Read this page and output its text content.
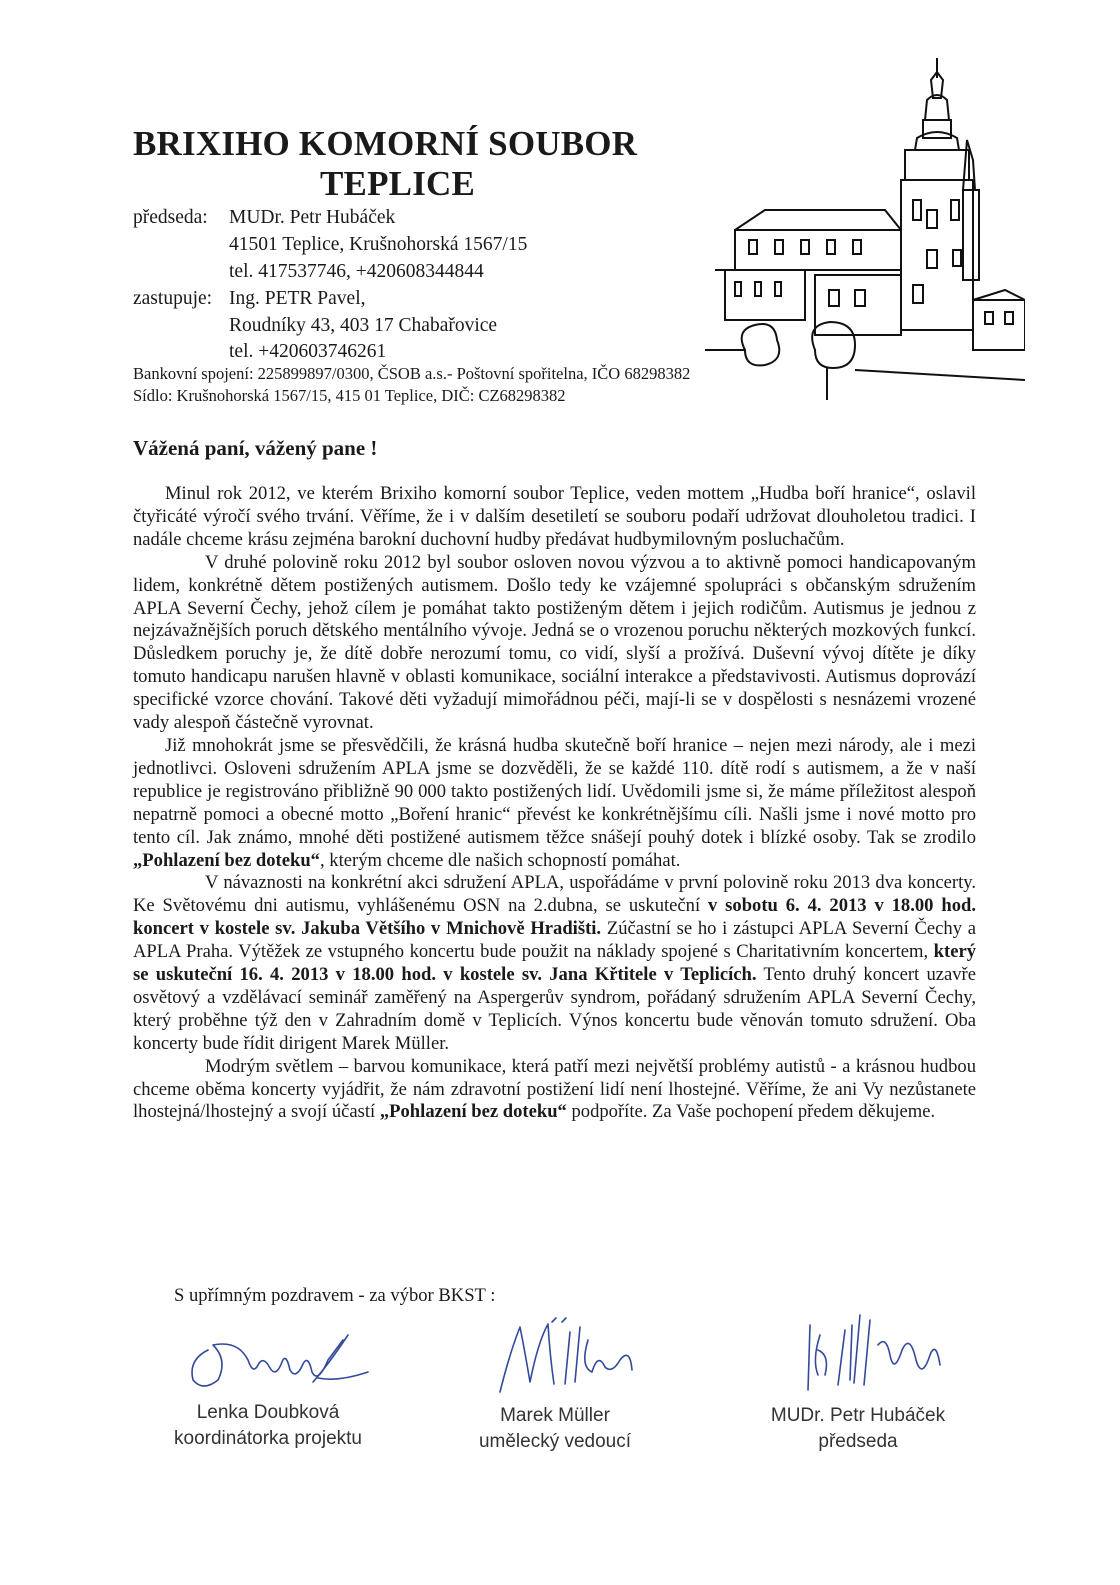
BRIXIHO KOMORNÍ SOUBOR
TEPLICE
předseda: MUDr. Petr Hubáček
41501 Teplice, Krušnohorská 1567/15
tel. 417537746, +420608344844
zastupuje: Ing. PETR Pavel,
Roudníky 43, 403 17 Chabařovice
tel. +420603746261
Bankovní spojení: 225899897/0300, ČSOB a.s.- Poštovní spořitelna, IČO 68298382
Sídlo: Krušnohorská 1567/15, 415 01 Teplice, DIČ: CZ68298382
Vážená paní, vážený pane !

Minul rok 2012, ve kterém Brixiho komorní soubor Teplice, veden mottem „Hudba boří hranice“, oslavil čtyřicáté výročí svého trvání. Věříme, že i v dalším desetiletí se souboru podaří udržovat dlouholetou tradici. I nadále chceme krásu zejména barokní duchovní hudby předávat hudbymilovným posluchačům.

V druhé polovině roku 2012 byl soubor osloven novou výzvou a to aktivně pomoci handicapovaným lidem, konkrétně dětem postižených autismem. Došlo tedy ke vzájemné spolupráci s občanským sdružením APLA Severní Čechy, jehož cílem je pomáhat takto postiženým dětem i jejich rodičům. Autismus je jednou z nejzávažnějších poruch dětského mentálního vývoje. Jedná se o vrozenou poruchu některých mozkových funkcí. Důsledkem poruchy je, že dítě dobře nerozumí tomu, co vidí, slyší a prožívá. Duševní vývoj dítěte je díky tomuto handicapu narušen hlavně v oblasti komunikace, sociální interakce a představivosti. Autismus doprovází specifické vzorce chování. Takové děti vyžadují mimořádnou péči, mají-li se v dospělosti s nesnázemi vrozené vady alespoň částečně vyrovnat.

Již mnohokrát jsme se přesvědčili, že krásná hudba skutečně boří hranice – nejen mezi národy, ale i mezi jednotlivci. Osloveni sdružením APLA jsme se dozvěděli, že se každé 110. dítě rodí s autismem, a že v naší republice je registrováno přibližně 90 000 takto postižených lidí. Uvědomili jsme si, že máme příležitost alespoň nepatrně pomoci a obecné motto „Boření hranic“ převést ke konkrétnějšímu cíli. Našli jsme i nové motto pro tento cíl. Jak známo, mnohé děti postižené autismem těžce snášejí pouhý dotek i blízké osoby. Tak se zrodilo „Pohlazení bez doteku“, kterým chceme dle našich schopností pomáhat.

V návaznosti na konkrétní akci sdružení APLA, uspořádáme v první polovině roku 2013 dva koncerty. Ke Světovému dni autismu, vyhlášenému OSN na 2.dubna, se uskuteční v sobotu 6. 4. 2013 v 18.00 hod. koncert v kostele sv. Jakuba Většího v Mnichově Hradišti. Zúčastní se ho i zástupci APLA Severní Čechy a APLA Praha. Výtěžek ze vstupného koncertu bude použit na náklady spojené s Charitativním koncertem, který se uskuteční 16. 4. 2013 v 18.00 hod. v kostele sv. Jana Křtitele v Teplicích. Tento druhý koncert uzavře osvětový a vzdělávací seminář zaměřený na Aspergerův syndrom, pořádaný sdružením APLA Severní Čechy, který proběhne týž den v Zahradním domě v Teplicích. Výnos koncertu bude věnován tomuto sdružení. Oba koncerty bude řídit dirigent Marek Müller.

Modrým světlem – barvou komunikace, která patří mezi největší problémy autistů - a krásnou hudbou chceme oběma koncerty vyjádřit, že nám zdravotní postižení lidí není lhostejné. Věříme, že ani Vy nezůstanete lhostejná/lhostejný a svojí účastí „Pohlazení bez doteku“ podpoříte. Za Vaše pochopení předem děkujeme.

S upřímným pozdravem - za výbor BKST :
Lenka Doubková
koordinátorka projektu
Marek Müller
umělecký vedoucí
MUDr. Petr Hubáček
předseda
